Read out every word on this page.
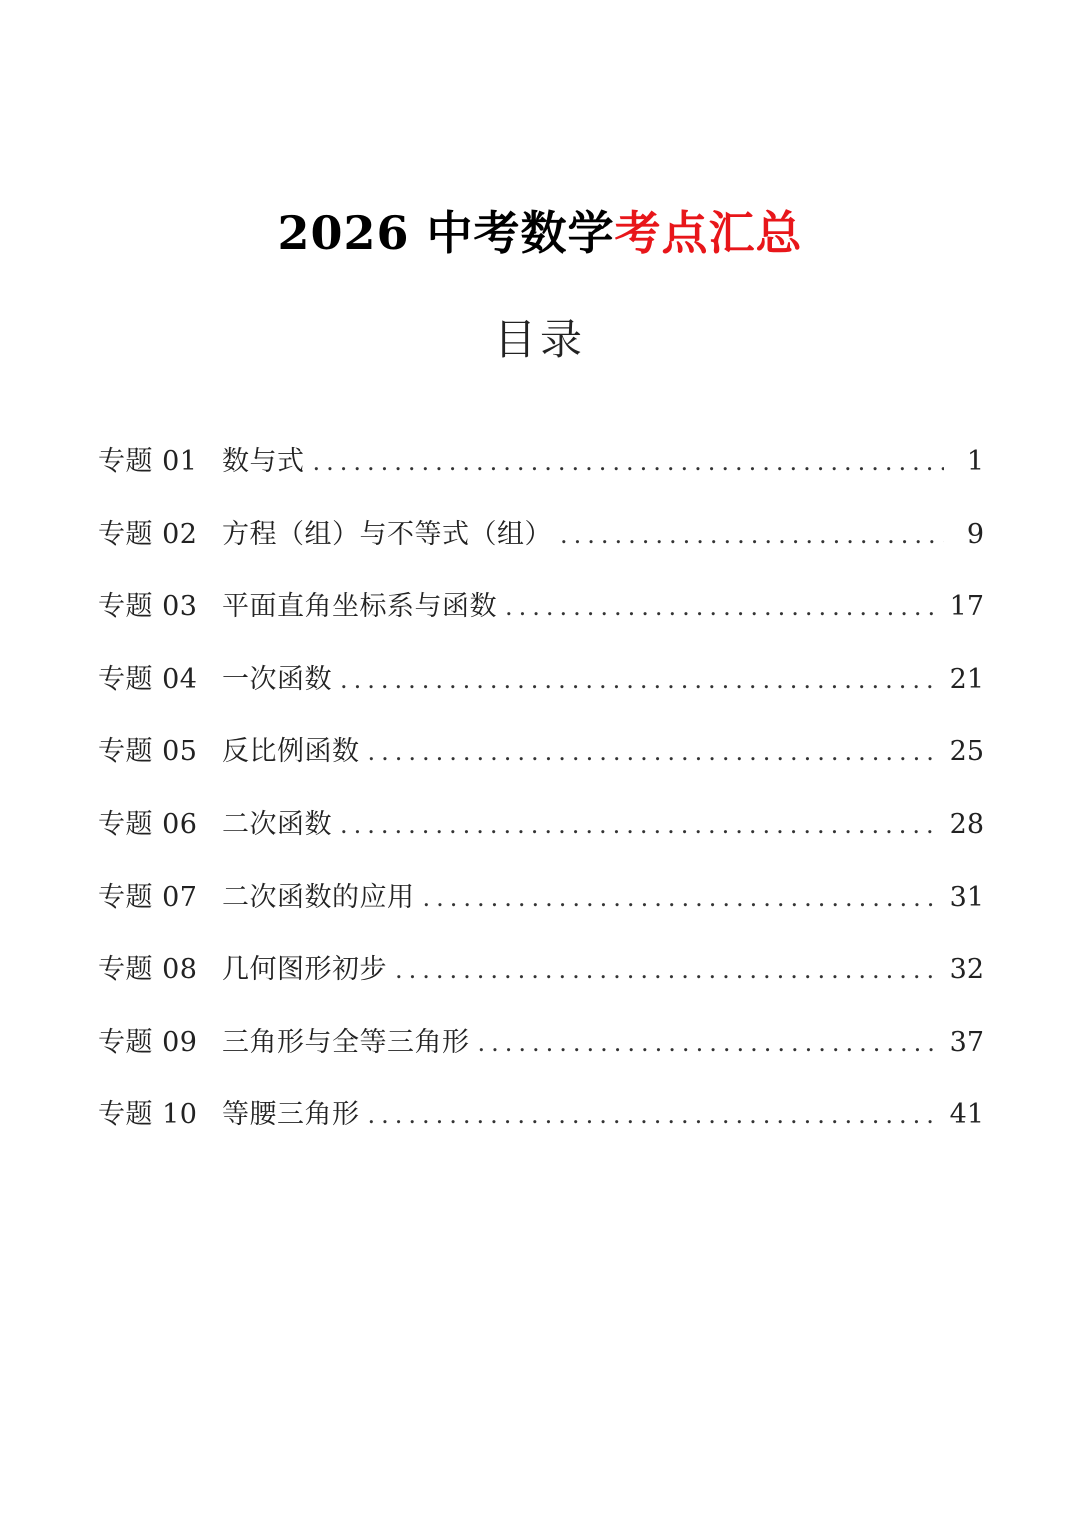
2026 中考数学考点汇总
目录
专题 01 数与式 .....	1
专题 02 方程（组）与不等式（组） .....	9
专题 03 平面直角坐标系与函数 .....	17
专题 04 一次函数 .....	21
专题 05 反比例函数 .....	25
专题 06 二次函数 .....	28
专题 07 二次函数的应用 .....	31
专题 08 几何图形初步 .....	32
专题 09 三角形与全等三角形 .....	37
专题 10 等腰三角形 .....	41
